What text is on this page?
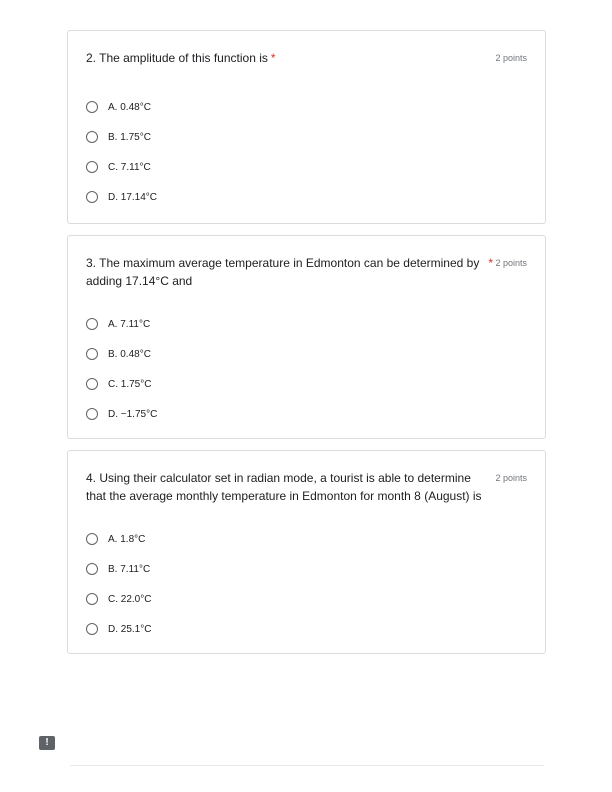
2. The amplitude of this function is *	2 points
A. 0.48°C
B. 1.75°C
C. 7.11°C
D. 17.14°C
3. The maximum average temperature in Edmonton can be determined by adding 17.14°C and
* 2 points
A. 7.11°C
B. 0.48°C
C. 1.75°C
D. −1.75°C
4. Using their calculator set in radian mode, a tourist is able to determine that the average monthly temperature in Edmonton for month 8 (August) is
2 points
A. 1.8°C
B. 7.11°C
C. 22.0°C
D. 25.1°C
!
